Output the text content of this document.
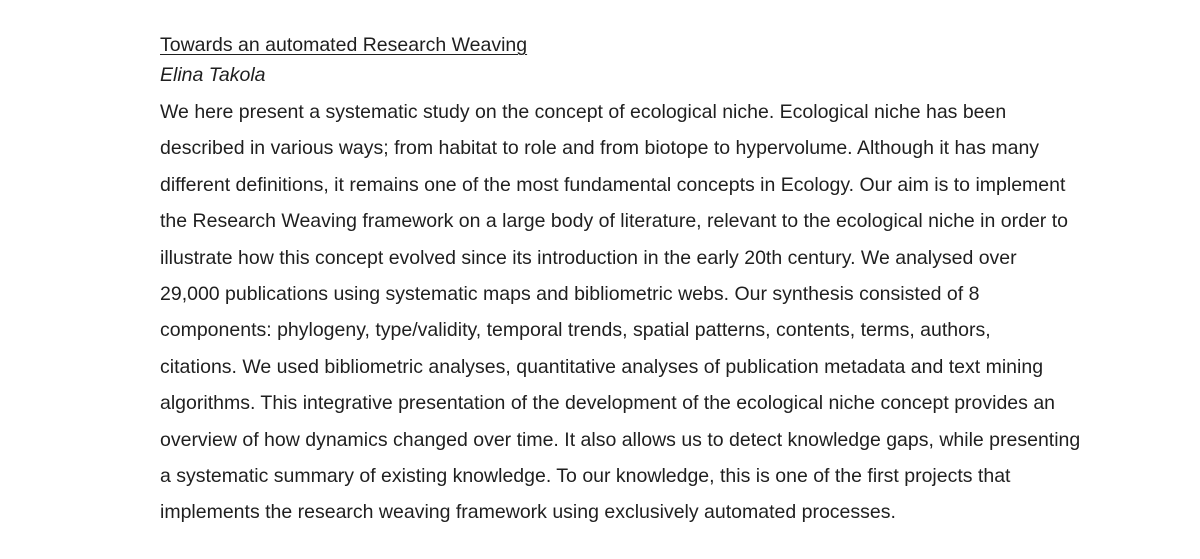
Towards an automated Research Weaving
Elina Takola
We here present a systematic study on the concept of ecological niche. Ecological niche has been
described in various ways; from habitat to role and from biotope to hypervolume. Although it has many
different definitions, it remains one of the most fundamental concepts in Ecology. Our aim is to implement
the Research Weaving framework on a large body of literature, relevant to the ecological niche in order to
illustrate how this concept evolved since its introduction in the early 20th century. We analysed over
29,000 publications using systematic maps and bibliometric webs. Our synthesis consisted of 8
components: phylogeny, type/validity, temporal trends, spatial patterns, contents, terms, authors,
citations. We used bibliometric analyses, quantitative analyses of publication metadata and text mining
algorithms. This integrative presentation of the development of the ecological niche concept provides an
overview of how dynamics changed over time. It also allows us to detect knowledge gaps, while presenting
a systematic summary of existing knowledge. To our knowledge, this is one of the first projects that
implements the research weaving framework using exclusively automated processes.
